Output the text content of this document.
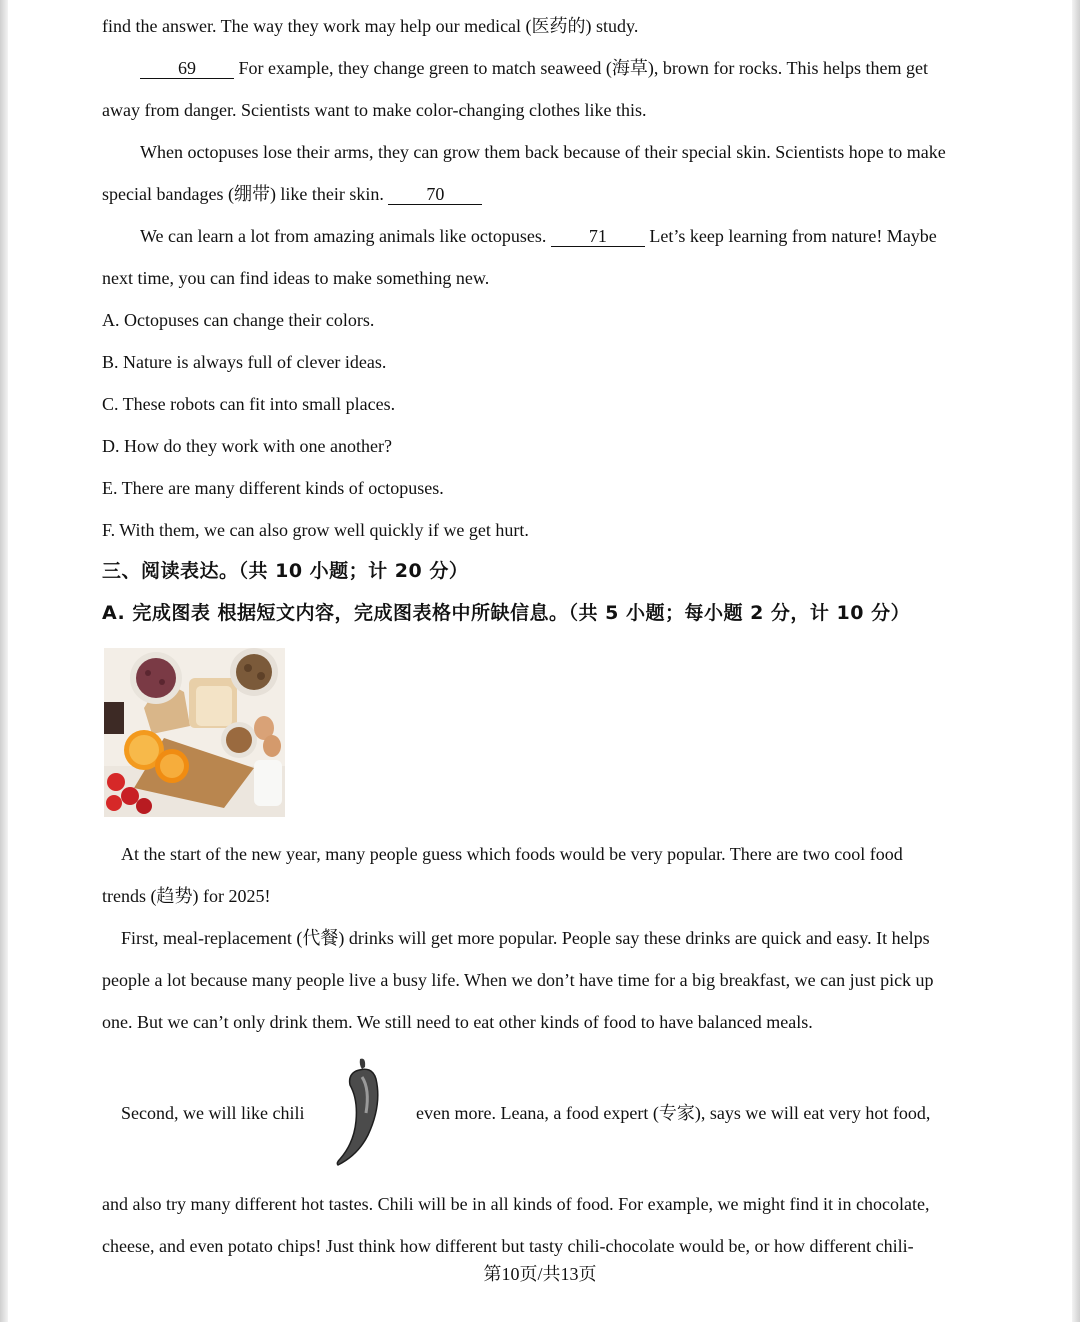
find the answer. The way they work may help our medical (医药的) study.
69 For example, they change green to match seaweed (海草), brown for rocks. This helps them get
away from danger. Scientists want to make color-changing clothes like this.
When octopuses lose their arms, they can grow them back because of their special skin. Scientists hope to make
special bandages (绷带) like their skin. 70
We can learn a lot from amazing animals like octopuses. 71 Let’s keep learning from nature! Maybe
next time, you can find ideas to make something new.
A. Octopuses can change their colors.
B. Nature is always full of clever ideas.
C. These robots can fit into small places.
D. How do they work with one another?
E. There are many different kinds of octopuses.
F. With them, we can also grow well quickly if we get hurt.
三、阅读表达。（共 10 小题；计 20 分）
A. 完成图表 根据短文内容，完成图表格中所缺信息。（共 5 小题；每小题 2 分，计 10 分）
At the start of the new year, many people guess which foods would be very popular. There are two cool food
trends (趋势) for 2025!
First, meal-replacement (代餐) drinks will get more popular. People say these drinks are quick and easy. It helps
people a lot because many people live a busy life. When we don’t have time for a big breakfast, we can just pick up
one. But we can’t only drink them. We still need to eat other kinds of food to have balanced meals.
Second, we will like chili	even more. Leana, a food expert (专家), says we will eat very hot food,
and also try many different hot tastes. Chili will be in all kinds of food. For example, we might find it in chocolate,
cheese, and even potato chips! Just think how different but tasty chili-chocolate would be, or how different chili-
第10页/共13页
